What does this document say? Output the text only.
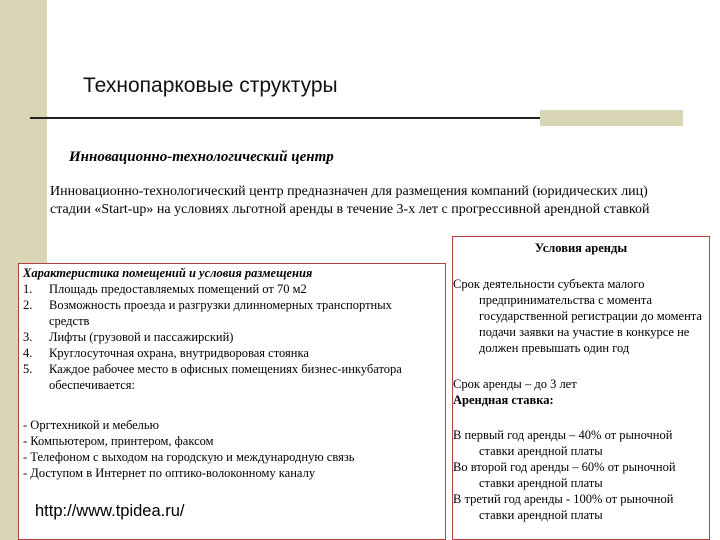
Технопарковые структуры
Инновационно-технологический центр
Инновационно-технологический центр предназначен для размещения компаний (юридических лиц) стадии «Start-up» на условиях льготной аренды в течение 3-х лет с прогрессивной арендной ставкой
Характеристика помещений и условия размещения
1. Площадь предоставляемых помещений от 70 м2
2. Возможность проезда и разгрузки длинномерных транспортных средств
3. Лифты (грузовой и пассажирский)
4. Круглосуточная охрана, внутридворовая стоянка
5. Каждое рабочее место в офисных помещениях бизнес-инкубатора обеспечивается:
- Оргтехникой и мебелью
- Компьютером, принтером, факсом
- Телефоном с выходом на городскую и международную связь
- Доступом в Интернет по оптико-волоконному каналу
http://www.tpidea.ru/
Условия аренды
Срок деятельности субъекта малого предпринимательства с момента государственной регистрации до момента подачи заявки на участие в конкурсе не должен превышать один год
Срок аренды – до 3 лет
Арендная ставка:
В первый год аренды – 40% от рыночной ставки арендной платы
Во второй год аренды – 60% от рыночной ставки арендной платы
В третий год аренды - 100% от рыночной ставки арендной платы
